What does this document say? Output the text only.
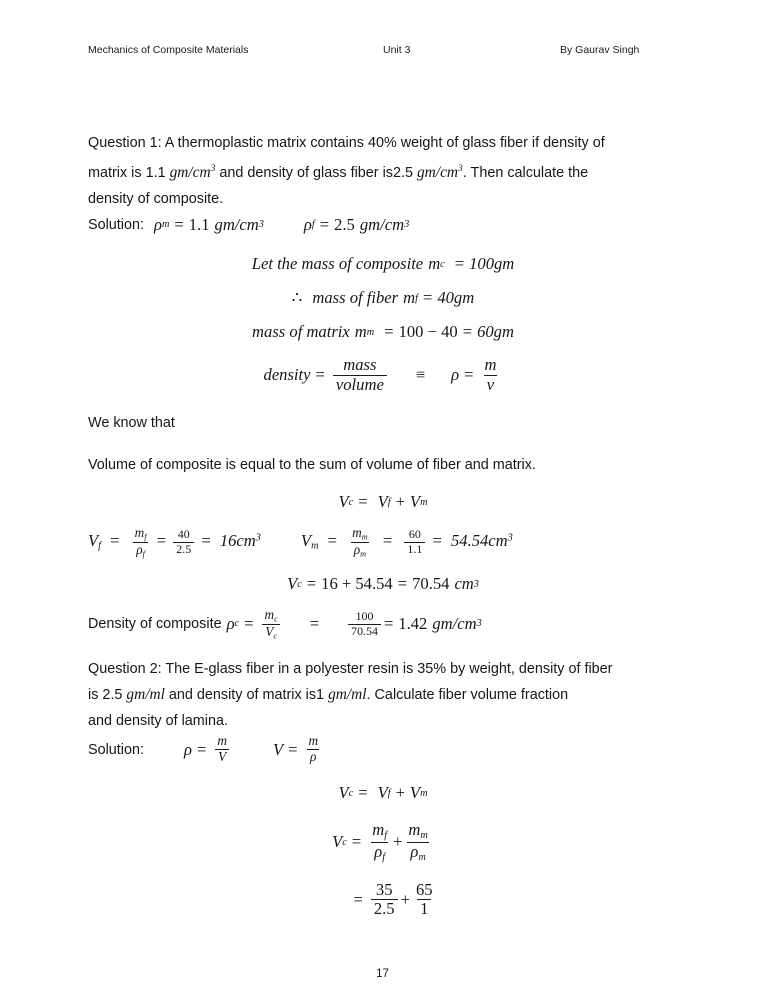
Mechanics of Composite Materials	Unit 3	By Gaurav Singh

Question 1: A thermoplastic matrix contains 40% weight of glass fiber if density of

matrix is 1.1 $gm/cm^3$ and density of glass fiber is2.5 $gm/cm^3$. Then calculate the

density of composite.

Solution: ρ m = 1.1 gm/cm 3 ρ f = 2.5 gm/cm 3
Let the mass of composite m c = 100gm
∴ mass of fiber m f = 40gm
mass of matrix m m = 100 − 40 = 60gm
density = $\frac{\text{mass}}{\text{volume}} \equiv \rho = \frac{m}{v}$

We know that

Volume of composite is equal to the sum of volume of fiber and matrix.

V c = V f + V m
$V_f = \frac{m_f}{\rho_f} = \frac{40}{2.5} = 16cm^3$ $V_m = \frac{m_m}{\rho_m} = \frac{60}{1.1} = 54.54cm^3$
V c = 16 + 54.54 = 70.54 cm 3
Density of composite ρ $c = \frac{m_c}{V_c} = \frac{100}{70.54} = 1.42$ gm/cm 3

Question 2: The E-glass fiber in a polyester resin is 35% by weight, density of fiber

is 2.5 gm/ml and density of matrix is1 gm/ml. Calculate fiber volume fraction

and density of lamina.

Solution: $\rho = \frac{m}{V}$	$V = \frac{m}{\rho}$
V c = V f + V m
V $c = \frac{m_f}{\rho_f} + \frac{m_m}{\rho_m}$
= $\frac{35}{2.5} + \frac{65}{1}$
17
